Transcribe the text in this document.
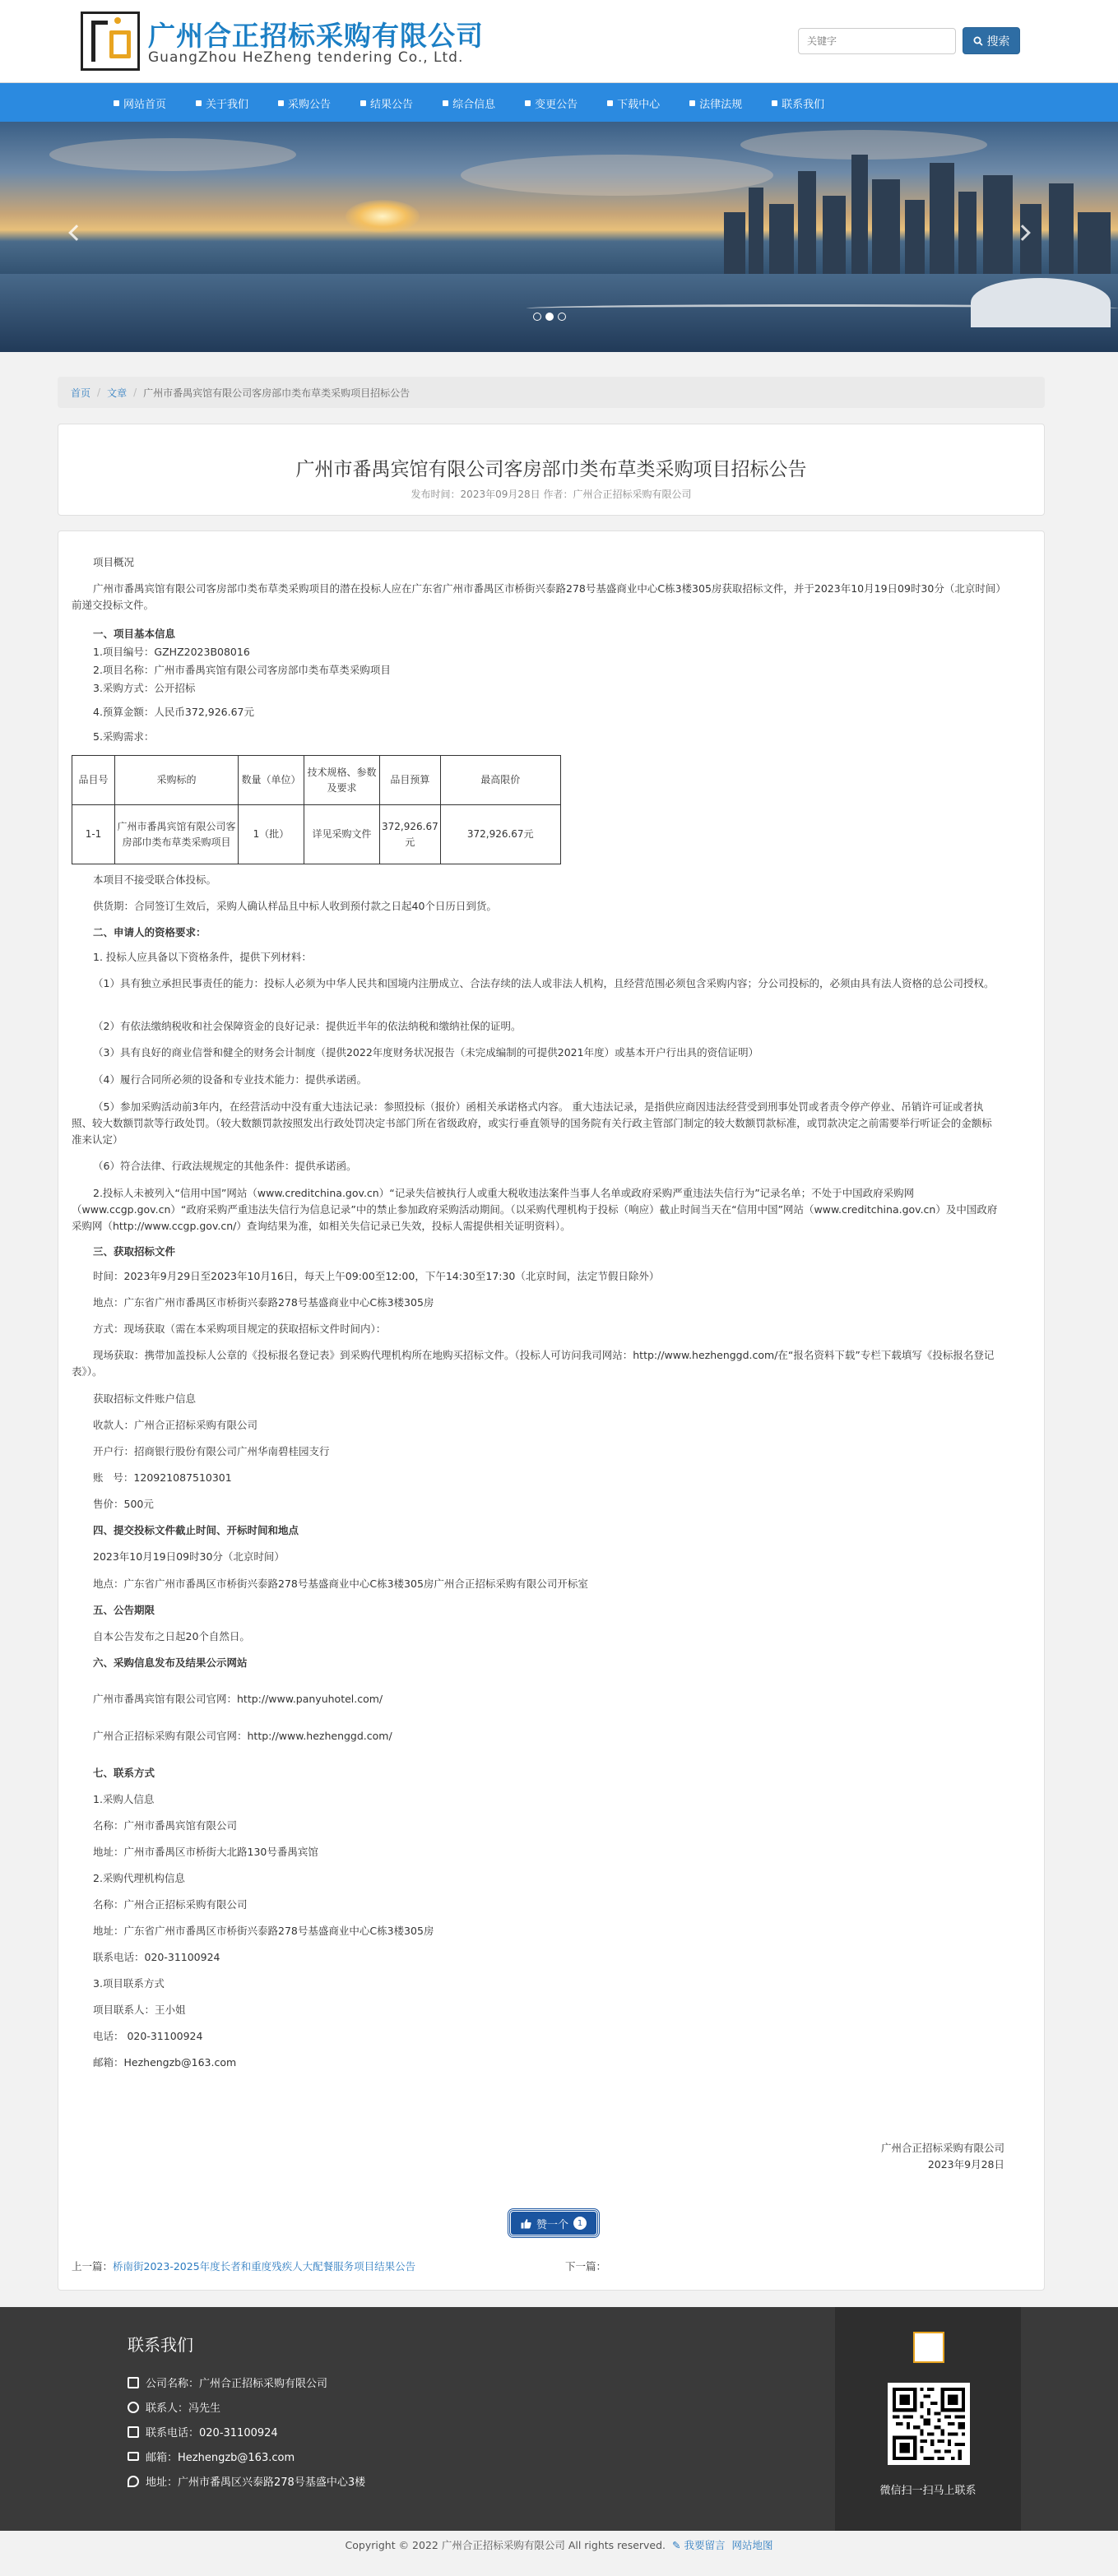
广州合正招标采购有限公司
GuangZhou HeZheng tendering Co., Ltd.
关键字
搜索
网站首页	关于我们	采购公告	结果公告	综合信息	变更公告	下载中心	法律法规	联系我们
首页 / 文章 / 广州市番禺宾馆有限公司客房部巾类布草类采购项目招标公告
广州市番禺宾馆有限公司客房部巾类布草类采购项目招标公告
发布时间：2023年09月28日 作者：广州合正招标采购有限公司
项目概况
广州市番禺宾馆有限公司客房部巾类布草类采购项目的潜在投标人应在广东省广州市番禺区市桥街兴泰路278号基盛商业中心C栋3楼305房获取招标文件，并于2023年10月19日09时30分（北京时间）前递交投标文件。
一、项目基本信息
1.项目编号：GZHZ2023B08016
2.项目名称：广州市番禺宾馆有限公司客房部巾类布草类采购项目
3.采购方式：公开招标
4.预算金额：人民币372,926.67元
5.采购需求：
品目号	采购标的	数量（单位）	技术规格、参数及要求	品目预算	最高限价
1-1	广州市番禺宾馆有限公司客房部巾类布草类采购项目	1（批）	详见采购文件	372,926.67元	372,926.67元
本项目不接受联合体投标。
供货期：合同签订生效后，采购人确认样品且中标人收到预付款之日起40个日历日到货。
二、申请人的资格要求：
1. 投标人应具备以下资格条件，提供下列材料：
（1）具有独立承担民事责任的能力：投标人必须为中华人民共和国境内注册成立、合法存续的法人或非法人机构，且经营范围必须包含采购内容；分公司投标的，必须由具有法人资格的总公司授权。
（2）有依法缴纳税收和社会保障资金的良好记录：提供近半年的依法纳税和缴纳社保的证明。
（3）具有良好的商业信誉和健全的财务会计制度（提供2022年度财务状况报告（未完成编制的可提供2021年度）或基本开户行出具的资信证明）
（4）履行合同所必须的设备和专业技术能力：提供承诺函。
（5）参加采购活动前3年内，在经营活动中没有重大违法记录：参照投标（报价）函相关承诺格式内容。 重大违法记录，是指供应商因违法经营受到刑事处罚或者责令停产停业、吊销许可证或者执照、较大数额罚款等行政处罚。（较大数额罚款按照发出行政处罚决定书部门所在省级政府，或实行垂直领导的国务院有关行政主管部门制定的较大数额罚款标准，或罚款决定之前需要举行听证会的金额标准来认定）
（6）符合法律、行政法规规定的其他条件：提供承诺函。
2.投标人未被列入“信用中国”网站（www.creditchina.gov.cn）“记录失信被执行人或重大税收违法案件当事人名单或政府采购严重违法失信行为”记录名单；不处于中国政府采购网（www.ccgp.gov.cn）“政府采购严重违法失信行为信息记录”中的禁止参加政府采购活动期间。（以采购代理机构于投标（响应）截止时间当天在“信用中国”网站（www.creditchina.gov.cn）及中国政府采购网（http://www.ccgp.gov.cn/）查询结果为准，如相关失信记录已失效，投标人需提供相关证明资料）。
三、获取招标文件
时间：2023年9月29日至2023年10月16日，每天上午09:00至12:00，下午14:30至17:30（北京时间，法定节假日除外）
地点：广东省广州市番禺区市桥街兴泰路278号基盛商业中心C栋3楼305房
方式：现场获取（需在本采购项目规定的获取招标文件时间内）：
现场获取：携带加盖投标人公章的《投标报名登记表》到采购代理机构所在地购买招标文件。（投标人可访问我司网站：http://www.hezhenggd.com/在“报名资料下载”专栏下载填写《投标报名登记表》）。
获取招标文件账户信息
收款人：广州合正招标采购有限公司
开户行：招商银行股份有限公司广州华南碧桂园支行
账   号：120921087510301
售价：500元
四、提交投标文件截止时间、开标时间和地点
2023年10月19日09时30分（北京时间）
地点：广东省广州市番禺区市桥街兴泰路278号基盛商业中心C栋3楼305房广州合正招标采购有限公司开标室
五、公告期限
自本公告发布之日起20个自然日。
六、采购信息发布及结果公示网站
广州市番禺宾馆有限公司官网：http://www.panyuhotel.com/
广州合正招标采购有限公司官网：http://www.hezhenggd.com/
七、联系方式
1.采购人信息
名称：广州市番禺宾馆有限公司
地址：广州市番禺区市桥街大北路130号番禺宾馆
2.采购代理机构信息
名称：广州合正招标采购有限公司
地址：广东省广州市番禺区市桥街兴泰路278号基盛商业中心C栋3楼305房
联系电话：020-31100924
3.项目联系方式
项目联系人：王小姐
电话： 020-31100924
邮箱：Hezhengzb@163.com
广州合正招标采购有限公司
2023年9月28日
赞一个	1
上一篇：桥南街2023-2025年度长者和重度残疾人大配餐服务项目结果公告	下一篇：
联系我们
公司名称：广州合正招标采购有限公司
联系人：冯先生
联系电话：020-31100924
邮箱：Hezhengzb@163.com
地址：广州市番禺区兴泰路278号基盛中心3楼
微信扫一扫马上联系
Copyright © 2022 广州合正招标采购有限公司 All rights reserved. ✎ 我要留言 网站地图
